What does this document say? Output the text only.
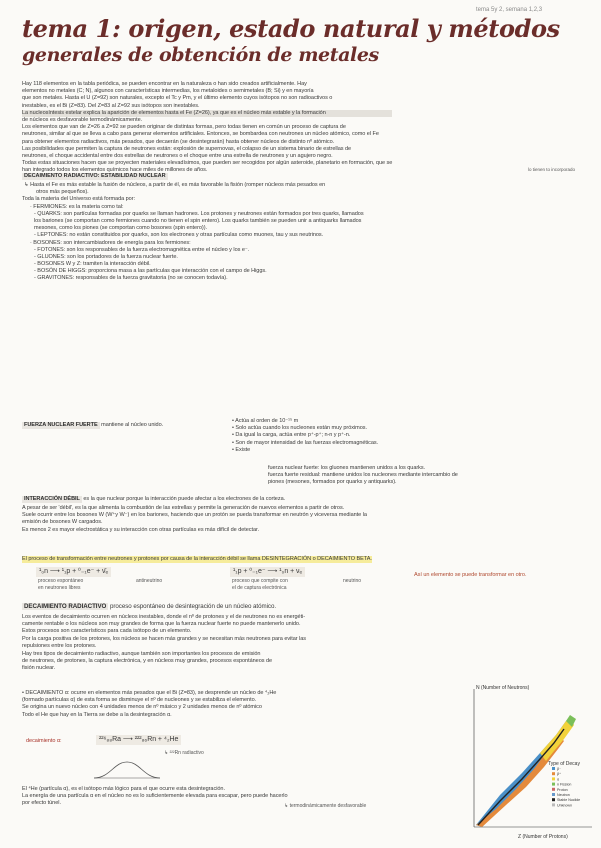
tema 5y 2, semana 1,2,3
tema 1: origen, estado natural y métodos
generales de obtención de metales
Hay 118 elementos en la tabla periódica, se pueden encontrar en la naturaleza o han sido creados artificialmente. Hay
elementos no metales (C; N), algunos con características intermedias, los metaloides o semimetales (B; Si) y en mayoría
que son metales. Hasta el U (Z=92) son naturales, excepto el Tc y Pm, y el último elemento cuyos isótopos no son radioactivos o
inestables, es el Bi (Z=83). Del Z=83 al Z=92 sus isótopos son inestables.
La nucleosíntesis estelar explica la aparición de elementos hasta el Fe (Z=26), ya que es el núcleo más estable y la formación
de núcleos es desfavorable termodinámicamente.
Los elementos que van de Z=26 a Z=92 se pueden originar de distintas formas, pero todas tienen en común un proceso de captura de
neutrones, similar al que se lleva a cabo para generar elementos artificiales. Entonces, se bombardea con neutrones un núcleo atómico, como el Fe
para obtener elementos radiactivos, más pesados, que decaerán (se desintegrarán) hasta obtener núcleos de distinto nº atómico.
Las posibilidades que permiten la captura de neutrones están: explosión de supernovas, el colapso de un sistema binario de estrellas de
neutrones, el choque accidental entre dos estrellas de neutrones o el choque entre una estrella de neutrones y un agujero negro.
Todas estas situaciones hacen que se proyecten materiales elevadísimos, que pueden ser recogidos por algún asteroide, planetario en formación, que se
han integrado todos los elementos químicos hace miles de millones de años.	lo tienen to incorporado
DECAIMIENTO RADIACTIVO: ESTABILIDAD NUCLEAR
↳ Hasta el Fe es más estable la fusión de núcleos, a partir de él, es más favorable la fisión (romper núcleos más pesados en
otros más pequeños).
Toda la materia del Universo está formada por:
· FERMIONES: es la materia como tal:
- QUARKS: son partículas formadas por quarks se llaman hadrones. Los protones y neutrones están formados por tres quarks, llamados
los bariones (se comportan como fermiones cuando no tienen el spin entero). Los quarks también se pueden unir a antiquarks llamados
mesones, como los piones (se comportan como bosones (spin entero)).
- LEPTONES: no están constituidos por quarks, son los electrones y otras partículas como muones, tau y sus neutrinos.
· BOSONES: son intercambiadores de energía para los fermiones:
- FOTONES: son los responsables de la fuerza electromagnética entre el núcleo y los e⁻.
- GLUONES: son los portadores de la fuerza nuclear fuerte.
- BOSONES W y Z: tramiten la interacción débil.
- BOSÓN DE HIGGS: proporciona masa a las partículas que interacción con el campo de Higgs.
- GRAVITONES: responsables de la fuerza gravitatoria (no se conocen todavía).
FUERZA NUCLEAR FUERTE mantiene al núcleo unido.
• Actúa al orden de 10⁻¹⁵ m
• Solo actúa cuando los nucleones están muy próximos.
• Da igual la carga, actúa entre p⁺-p⁺; n-n y p⁺-n.
• Son de mayor intensidad de las fuerzas electromagnéticas.
• Existe
fuerza nuclear fuerte: los gluones mantienen unidos a los quarks.
fuerza fuerte residual: mantiene unidos los nucleones mediante intercambio de
piones (mesones, formados por quarks y antiquarks).
INTERACCIÓN DÉBIL es la que nuclear porque la interacción puede afectar a los electrones de la corteza.
A pesar de ser 'débil', es la que alimenta la combustión de las estrellas y permite la generación de nuevos elementos a partir de otros.
Suele ocurrir entre los bosones W (W⁺y W⁻) en los bariones, haciendo que un protón se pueda transformar en neutrón y viceversa mediante la
emisión de bosones W cargados.
Es menos 2 es mayor electrostática y su interacción con otras partículas es más difícil de detectar.
El proceso de transformación entre neutrones y protones por causa de la interacción débil se llama DESINTEGRACIÓN o DECAIMIENTO BETA.
¹₀n ⟶ ¹₁p + ⁰₋₁e⁻ + ν̄ₑ
proceso espontáneo
en neutrones libres
antineutrino
¹₁p + ⁰₋₁e⁻ ⟶ ¹₀n + νₑ
proceso que compite con
el de captura electrónica
neutrino
Así un elemento se puede transformar en otro.
DECAIMIENTO RADIACTIVO proceso espontáneo de desintegración de un núcleo atómico.
Los eventos de decaimiento ocurren en núcleos inestables, donde el nº de protones y el de neutrones no es energéti-
camente rentable o los núcleos son muy grandes de forma que la fuerza nuclear fuerte no puede mantenerlo unido.
Estos procesos son característicos para cada isótopo de un elemento.
Por la carga positiva de los protones, los núcleos se hacen más grandes y se necesitan más neutrones para evitar las
repulsiones entre los protones.
Hay tres tipos de decaimiento radiactivo, aunque también son importantes los procesos de emisión
de neutrones, de protones, la captura electrónica, y en núcleos muy grandes, procesos espontáneos de
fisión nuclear.
• DECAIMIENTO α: ocurre en elementos más pesados que el Bi (Z=83), se desprende un núcleo de ⁴₂He
(formado partículas α) de esta forma se disminuye el nº de nucleones y se estabiliza el elemento.
Se origina un nuevo núcleo con 4 unidades menos de nº másico y 2 unidades menos de nº atómico
Todo el He que hay en la Tierra se debe a la desintegración α.
decaimiento α:	²²⁶₈₈Ra ⟶ ²²²₈₆Rn + ⁴₂He
↳ ²²²Rn radiactivo
El ⁴He (partícula α), es el isótopo más lógico para el que ocurre esta desintegración.
La energía de una partícula α en el núcleo no es lo suficientemente elevada para escapar, pero puede hacerlo
por efecto túnel.	↳ termodinámicamente desfavorable
N (Number of Neutrons)
Z (Number of Protons)
Type of Decay
β⁻
β⁺
α
n Fission
Proton
Neutron
Stable Nuclide
Unknown
